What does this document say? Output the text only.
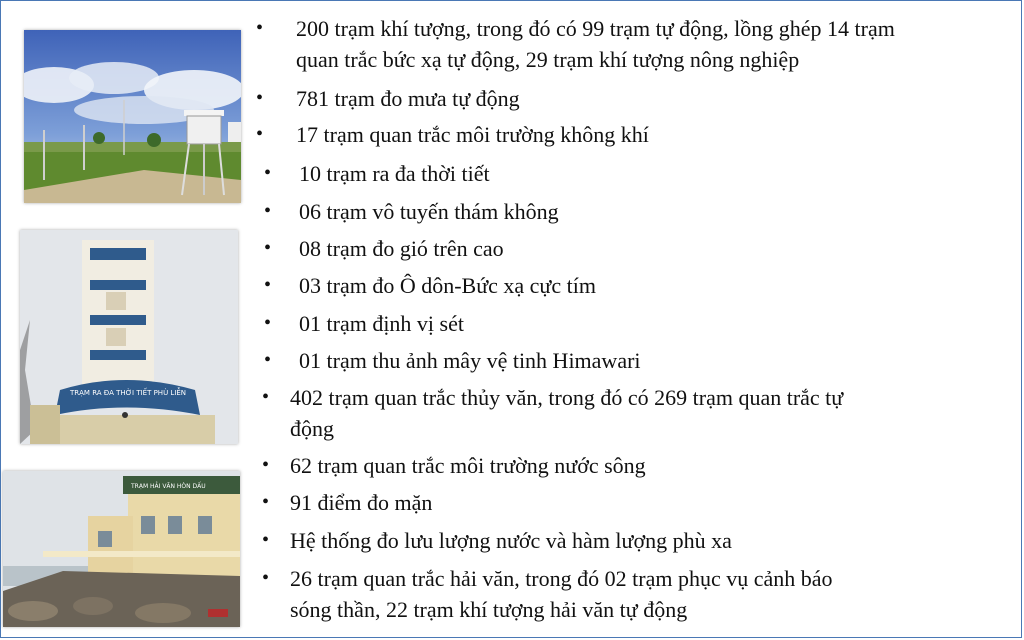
TRẠM RA ĐA THỜI TIẾT PHÙ LIỄN
TRẠM HẢI VĂN HÒN DẤU
• 200 trạm khí tượng, trong đó có 99 trạm tự động, lồng ghép 14 trạm
quan trắc bức xạ tự động, 29 trạm khí tượng nông nghiệp
• 781 trạm đo mưa tự động
• 17 trạm quan trắc môi trường không khí
• 10 trạm ra đa thời tiết
• 06 trạm vô tuyến thám không
• 08 trạm đo gió trên cao
• 03 trạm đo Ô dôn-Bức xạ cực tím
• 01 trạm định vị sét
• 01 trạm thu ảnh mây vệ tinh Himawari
• 402 trạm quan trắc thủy văn, trong đó có 269 trạm quan trắc tự
động
• 62 trạm quan trắc môi trường nước sông
• 91 điểm đo mặn
• Hệ thống đo lưu lượng nước và hàm lượng phù xa
• 26 trạm quan trắc hải văn, trong đó 02 trạm phục vụ cảnh báo
sóng thần, 22 trạm khí tượng hải văn tự động
